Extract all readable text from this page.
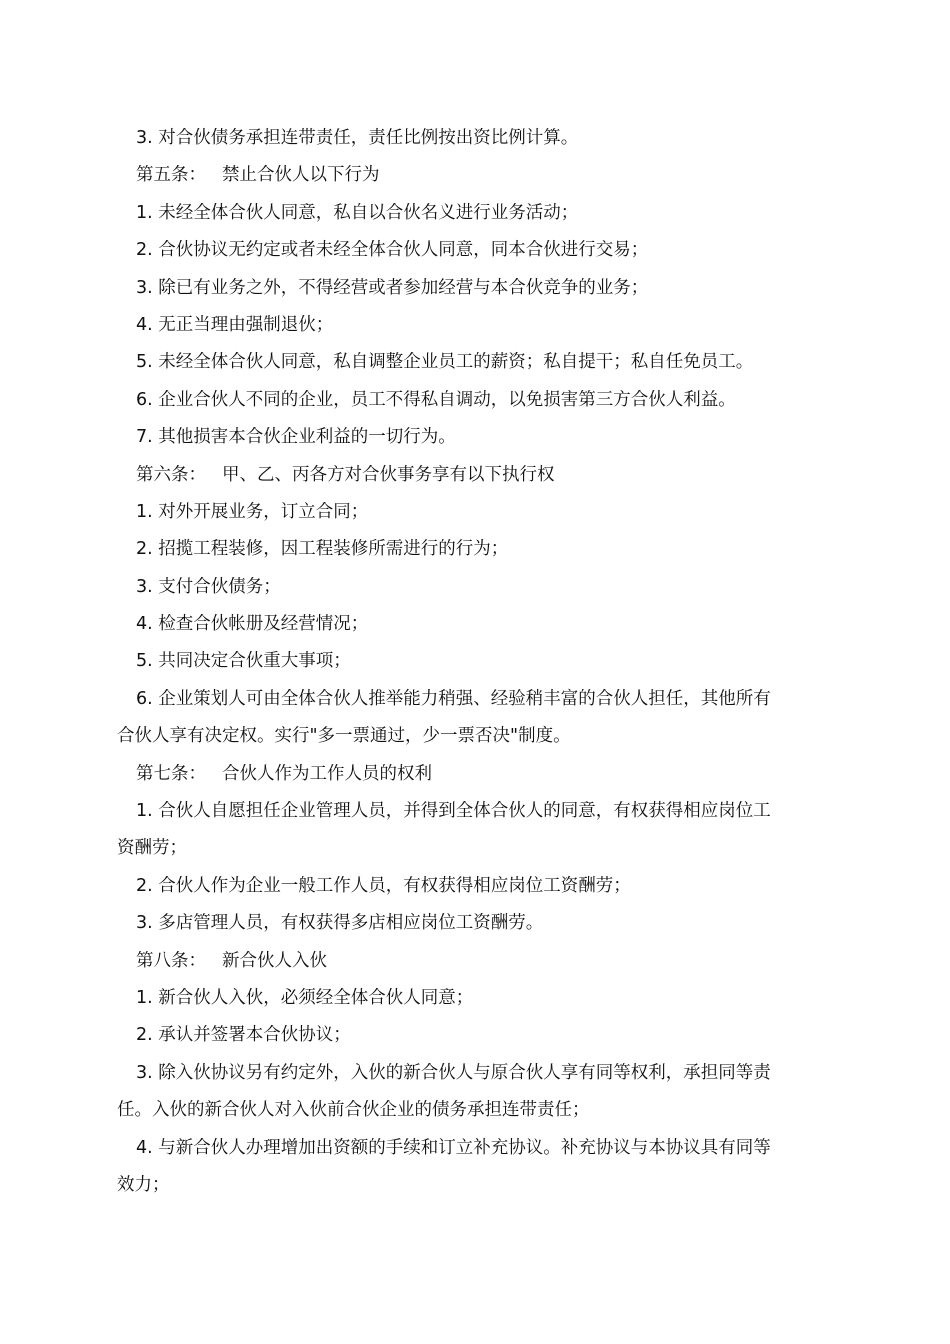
3. 对合伙债务承担连带责任，责任比例按出资比例计算。
第五条： 禁止合伙人以下行为
1. 未经全体合伙人同意，私自以合伙名义进行业务活动；
2. 合伙协议无约定或者未经全体合伙人同意，同本合伙进行交易；
3. 除已有业务之外，不得经营或者参加经营与本合伙竞争的业务；
4. 无正当理由强制退伙；
5. 未经全体合伙人同意，私自调整企业员工的薪资；私自提干；私自任免员工。
6. 企业合伙人不同的企业，员工不得私自调动，以免损害第三方合伙人利益。
7. 其他损害本合伙企业利益的一切行为。
第六条： 甲、乙、丙各方对合伙事务享有以下执行权
1. 对外开展业务，订立合同；
2. 招揽工程装修，因工程装修所需进行的行为；
3. 支付合伙债务；
4. 检查合伙帐册及经营情况；
5. 共同决定合伙重大事项；
6. 企业策划人可由全体合伙人推举能力稍强、经验稍丰富的合伙人担任，其他所有
合伙人享有决定权。实行"多一票通过，少一票否决"制度。
第七条： 合伙人作为工作人员的权利
1. 合伙人自愿担任企业管理人员，并得到全体合伙人的同意，有权获得相应岗位工
资酬劳；
2. 合伙人作为企业一般工作人员，有权获得相应岗位工资酬劳；
3. 多店管理人员，有权获得多店相应岗位工资酬劳。
第八条： 新合伙人入伙
1. 新合伙人入伙，必须经全体合伙人同意；
2. 承认并签署本合伙协议；
3. 除入伙协议另有约定外，入伙的新合伙人与原合伙人享有同等权利，承担同等责
任。入伙的新合伙人对入伙前合伙企业的债务承担连带责任；
4. 与新合伙人办理增加出资额的手续和订立补充协议。补充协议与本协议具有同等
效力；
